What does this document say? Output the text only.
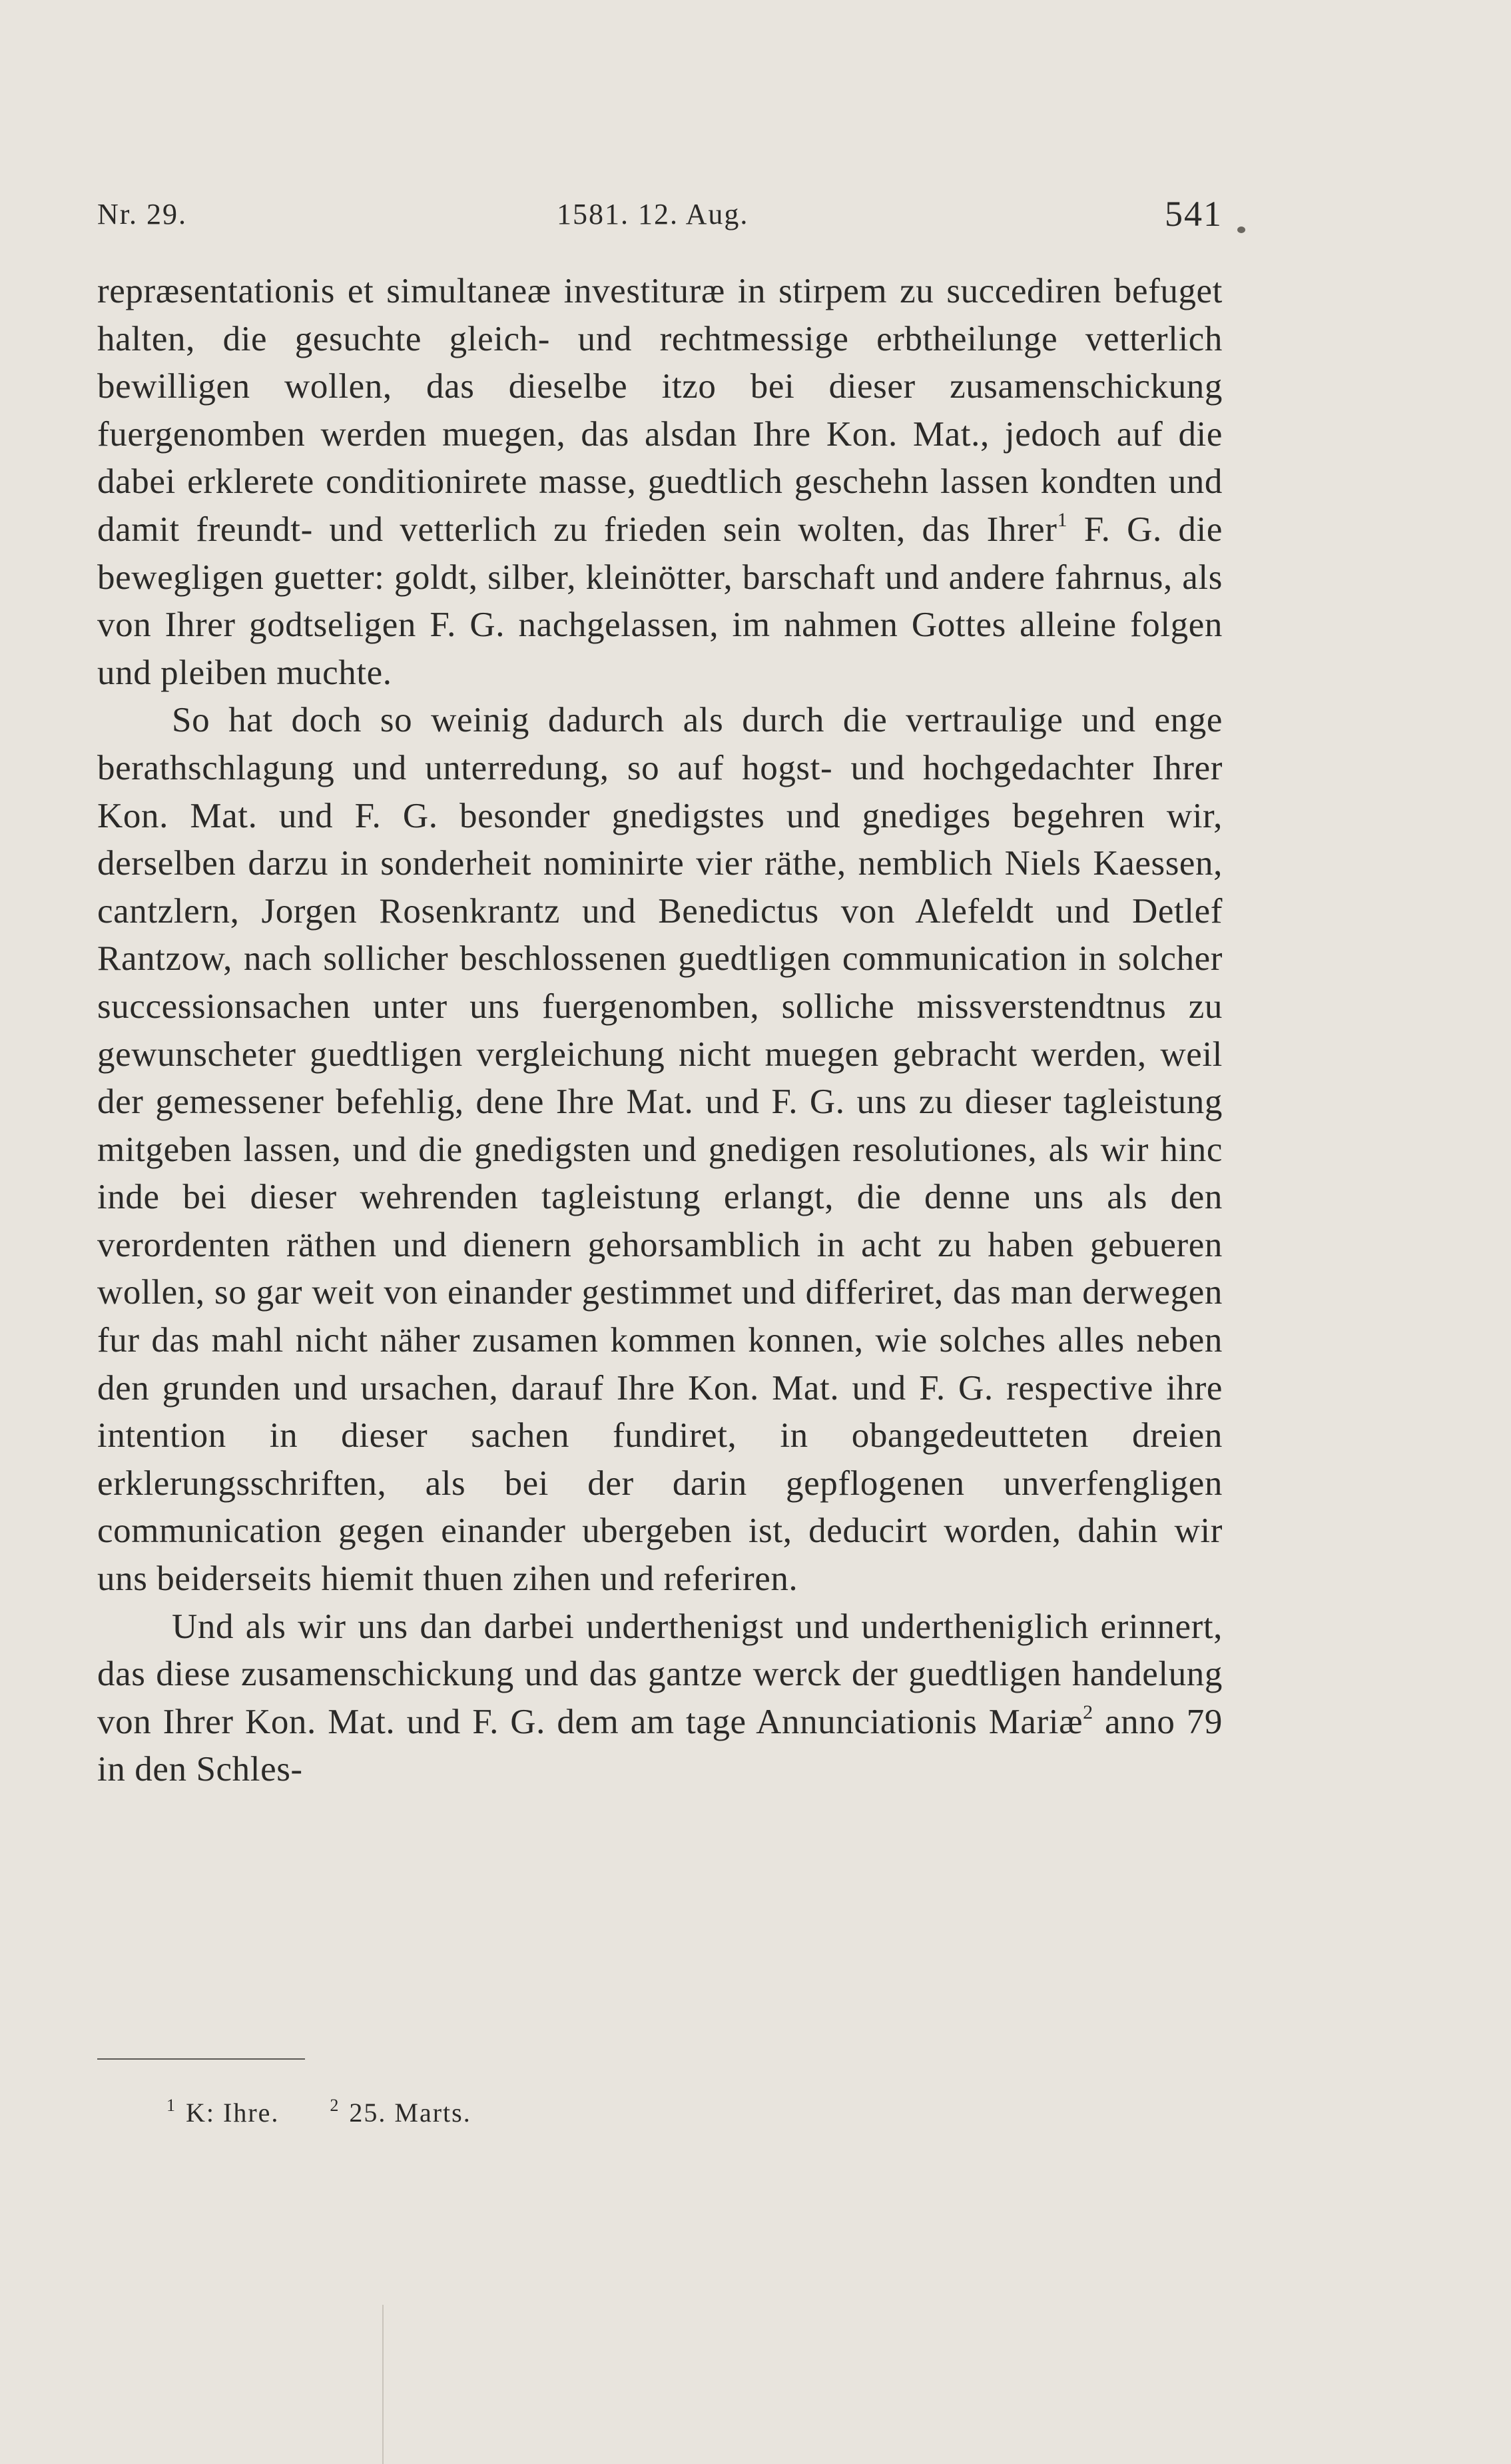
Nr. 29.	1581. 12. Aug.	541

repræsentationis et simultaneæ investituræ in stirpem zu succediren befuget halten, die gesuchte gleich- und rechtmessige erbtheilunge vetterlich bewilligen wollen, das dieselbe itzo bei dieser zusamenschickung fuergenomben werden muegen, das alsdan Ihre Kon. Mat., jedoch auf die dabei erklerete conditionirete masse, guedtlich geschehn lassen kondten und damit freundt- und vetterlich zu frieden sein wolten, das Ihrer$^1$ F. G. die bewegligen guetter: goldt, silber, kleinötter, barschaft und andere fahrnus, als von Ihrer godtseligen F. G. nachgelassen, im nahmen Gottes alleine folgen und pleiben muchte.

So hat doch so weinig dadurch als durch die vertraulige und enge berathschlagung und unterredung, so auf hogst- und hochgedachter Ihrer Kon. Mat. und F. G. besonder gnedigstes und gnediges begehren wir, derselben darzu in sonderheit nominirte vier räthe, nemblich Niels Kaessen, cantzlern, Jorgen Rosenkrantz und Benedictus von Alefeldt und Detlef Rantzow, nach sollicher beschlossenen guedtligen communication in solcher successionsachen unter uns fuergenomben, solliche missverstendtnus zu gewunscheter guedtligen vergleichung nicht muegen gebracht werden, weil der gemessener befehlig, dene Ihre Mat. und F. G. uns zu dieser tagleistung mitgeben lassen, und die gnedigsten und gnedigen resolutiones, als wir hinc inde bei dieser wehrenden tagleistung erlangt, die denne uns als den verordenten räthen und dienern gehorsamblich in acht zu haben gebueren wollen, so gar weit von einander gestimmet und differiret, das man derwegen fur das mahl nicht näher zusamen kommen konnen, wie solches alles neben den grunden und ursachen, darauf Ihre Kon. Mat. und F. G. respective ihre intention in dieser sachen fundiret, in obangedeutteten dreien erklerungsschriften, als bei der darin gepflogenen unverfengligen communication gegen einander ubergeben ist, deducirt worden, dahin wir uns beiderseits hiemit thuen zihen und referiren.

Und als wir uns dan darbei underthenigst und undertheniglich erinnert, das diese zusamenschickung und das gantze werck der guedtligen handelung von Ihrer Kon. Mat. und F. G. dem am tage Annunciationis Mariæ$^2$ anno 79 in den Schles-

$^1$ K: Ihre.	$^2$ 25. Marts.
